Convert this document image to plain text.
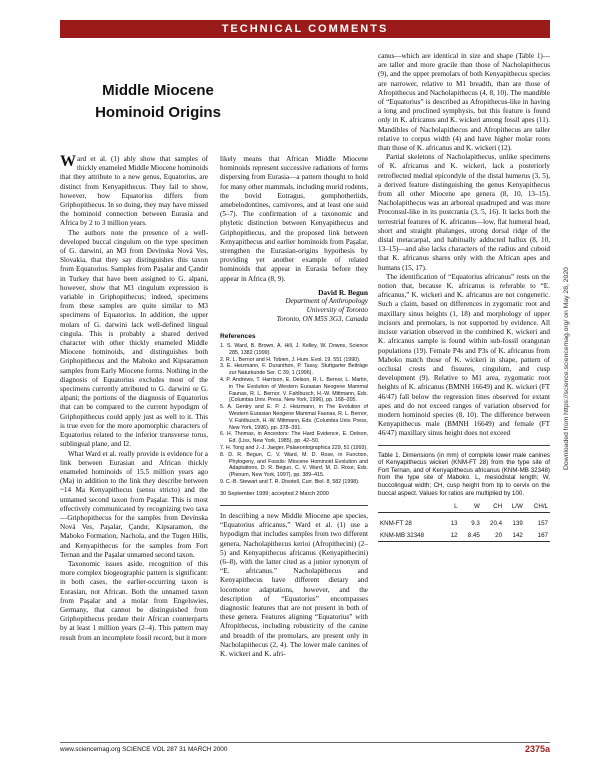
TECHNICAL COMMENTS
Middle Miocene Hominoid Origins

Ward et al. (1) ably show that samples of thickly enameled Middle Miocene hominoids that they attribute to a new genus, Equatorius, are distinct from Kenyapithecus. They fail to show, however, how Equatorius differs from Griphopithecus. In so doing, they may have missed the hominoid connection between Eurasia and Africa by 2 to 3 million years.

The authors note the presence of a well-developed buccal cingulum on the type specimen of G. darwini, an M3 from Devínska Nová Ves, Slovakia, that they say distinguishes this taxon from Equatorius. Samples from Paşalar and Çandır in Turkey that have been assigned to G. alpani, however, show that M3 cingulum expression is variable in Griphopithecus; indeed, specimens from these samples are quite similar to M3 specimens of Equatorius. In addition, the upper molars of G. darwini lack well-defined lingual cingula. This is probably a shared derived character with other thickly enameled Middle Miocene hominoids, and distinguishes both Griphopithecus and the Maboko and Kipsaramon samples from Early Miocene forms. Nothing in the diagnosis of Equatorius excludes most of the specimens currently attributed to G. darwini or G. alpani; the portions of the diagnosis of Equatorius that can be compared to the current hypodigm of Griphopithecus could apply just as well to it. This is true even for the more apomorphic characters of Equatorius related to the inferior transverse torus, sublingual plane, and I2.

What Ward et al. really provide is evidence for a link between Eurasian and African thickly enameled hominoids of 15.5 million years ago (Ma) in addition to the link they describe between ~14 Ma Kenyapithecus (sensu stricto) and the unnamed second taxon from Paşalar. This is most effectively communicated by recognizing two taxa—Griphopithecus for the samples from Devínska Nová Ves, Paşalar, Çandır, Kipsaramon, the Maboko Formation, Nachola, and the Tugen Hills, and Kenyapithecus for the samples from Fort Ternan and the Paşalar unnamed second taxon.

Taxonomic issues aside, recognition of this more complex biogeographic pattern is significant: in both cases, the earlier-occurring taxon is Eurasian, not African. Both the unnamed taxon from Paşalar and a molar from Engelswies, Germany, that cannot be distinguished from Griphopithecus predate their African counterparts by at least 1 million years (2–4). This pattern may result from an incomplete fossil record, but it more

likely means that African Middle Miocene hominoids represent successive radiations of forms dispersing from Eurasia—a pattern thought to hold for many other mammals, including murid rodents, the bovid Eotragus, gomphotheriids, amebelodontines, carnivores, and at least one suid (5–7). The confirmation of a taxonomic and phyletic distinction between Kenyapithecus and Griphopithecus, and the proposed link between Kenyapithecus and earlier hominoids from Paşalar, strengthen the Eurasian-origins hypothesis by providing yet another example of related hominoids that appear in Eurasia before they appear in Africa (8, 9).

David R. Begun
Department of Anthropology
University of Toronto
Toronto, ON M5S 3G3, Canada
References
1. S. Ward, B. Brown, A. Hill, J. Kelley, W. Downs, Science 285, 1382 (1999).
2. R. L. Bernor and H. Tobien, J. Hum. Evol. 19, 551 (1990).
3. E. Heizmann, F. Duranthon, P. Tassy, Stuttgarter Beiträge zur Naturkunde Ser. C 39, 1 (1996).
4. P. Andrews, T. Harrison, E. Delson, R. L. Bernor, L. Martin, in The Evolution of Western Eurasian Neogene Mammal Faunas, R. L. Bernor, V. Fahlbusch, H.-W. Mittmann, Eds. (Columbia Univ. Press, New York, 1996), pp. 168–205.
5. A. Gentry and E. P. J. Heizmann, in The Evolution of Western Eurasian Neogene Mammal Faunas, R. L. Bernor, V. Fahlbusch, H.-W. Mittmann, Eds. (Columbia Univ. Press, New York, 1996), pp. 378–391.
6. H. Thomas, in Ancestors: The Hard Evidence, E. Delson, Ed. (Liss, New York, 1985), pp. 42–50.
7. H. Tong and J.-J. Jaeger, Palaeontographica 229, 51 (1993).
8. D. R. Begun, C. V. Ward, M. D. Rose, in Function, Phylogeny, and Fossils: Miocene Hominoid Evolution and Adaptations, D. R. Begun, C. V. Ward, M. D. Rose, Eds. (Plenum, New York, 1997), pp. 389–415.
9. C.-B. Stewart and T. R. Disotell, Curr. Biol. 8, 582 (1998).
30 September 1999; accepted 2 March 2000

In describing a new Middle Miocene ape species, “Equatorius africanus,” Ward et al. (1) use a hypodigm that includes samples from two different genera, Nacholapithecus kerioi (Afropithecini) (2–5) and Kenyapithecus africanus (Kenyapithecini) (6–8), with the latter cited as a junior synonym of “E. africanus.” Nacholapithecus and Kenyapithecus have different dietary and locomotor adaptations, however, and the description of “Equatorius” encompasses diagnostic features that are not present in both of these genera. Features aligning “Equatorius” with Afropithecus, including robusticity of the canine and breadth of the premolars, are present only in Nacholapithecus (2, 4). The lower male canines of K. wickeri and K. afri-

canus—which are identical in size and shape (Table 1)—are taller and more gracile than those of Nacholapithecus (9), and the upper premolars of both Kenyapithecus species are narrower, relative to M1 breadth, than are those of Afropithecus and Nacholapithecus (4, 8, 10). The mandible of “Equatorius” is described as Afropithecus-like in having a long and proclined symphysis, but this feature is found only in K. africanus and K. wickeri among fossil apes (11). Mandibles of Nacholapithecus and Afropithecus are taller relative to corpus width (4) and have higher molar roots than those of K. africanus and K. wickeri (12).

Partial skeletons of Nacholapithecus, unlike specimens of K. africanus and K. wickeri, lack a posteriorly retroflected medial epicondyle of the distal humerus (3, 5), a derived feature distinguishing the genus Kenyapithecus from all other Miocene ape genera (8, 10, 13–15). Nacholapithecus was an arboreal quadruped and was more Proconsul-like in its postcrania (3, 5, 16). It lacks both the terrestrial features of K. africanus—low, flat humeral head, short and straight phalanges, strong dorsal ridge of the distal metacarpal, and habitually adducted hallux (8, 10, 13–15)—and also lacks characters of the radius and cuboid that K. africanus shares only with the African apes and humans (15, 17).

The identification of “Equatorius africanus” rests on the notion that, because K. africanus is referable to “E. africanus,” K. wickeri and K. africanus are not congeneric. Such a claim, based on differences in zygomatic root and maxillary sinus heights (1, 18) and morphology of upper incisors and premolars, is not supported by evidence. All incisor variation observed in the combined K. wickeri and K. africanus sample is found within sub-fossil orangutan populations (19). Female P4s and P3s of K. africanus from Maboko match those of K. wickeri in shape, pattern of occlusal crests and fissures, cingulum, and cusp development (9). Relative to M1 area, zygomatic root heights of K. africanus (BMNH 16649) and K. wickeri (FT 46/47) fall below the regression lines observed for extant apes and do not exceed ranges of variation observed for modern hominoid species (8, 10). The difference between Kenyapithecus male (BMNH 16649) and female (FT 46/47) maxillary sinus height does not exceed

Table 1. Dimensions (in mm) of complete lower male canines of Kenyapithecus wickeri (KNM-FT 28) from the type site of Fort Ternan, and of Kenyapithecus africanus (KNM-MB 32348) from the type site of Maboko. L, mesiodistal length; W, buccolingual width; CH, cusp height from tip to cervix on the buccal aspect. Values for ratios are multiplied by 100.
	L	W	CH	L/W	CH/L
KNM-FT 28	13	9.3	20.4	139	157
KNM-MB 32348	12	8.45	20	142	167
www.sciencemag.org SCIENCE VOL 287 31 MARCH 2000	2375a
Downloaded from https://science.sciencemag.org/ on May 28, 2020
